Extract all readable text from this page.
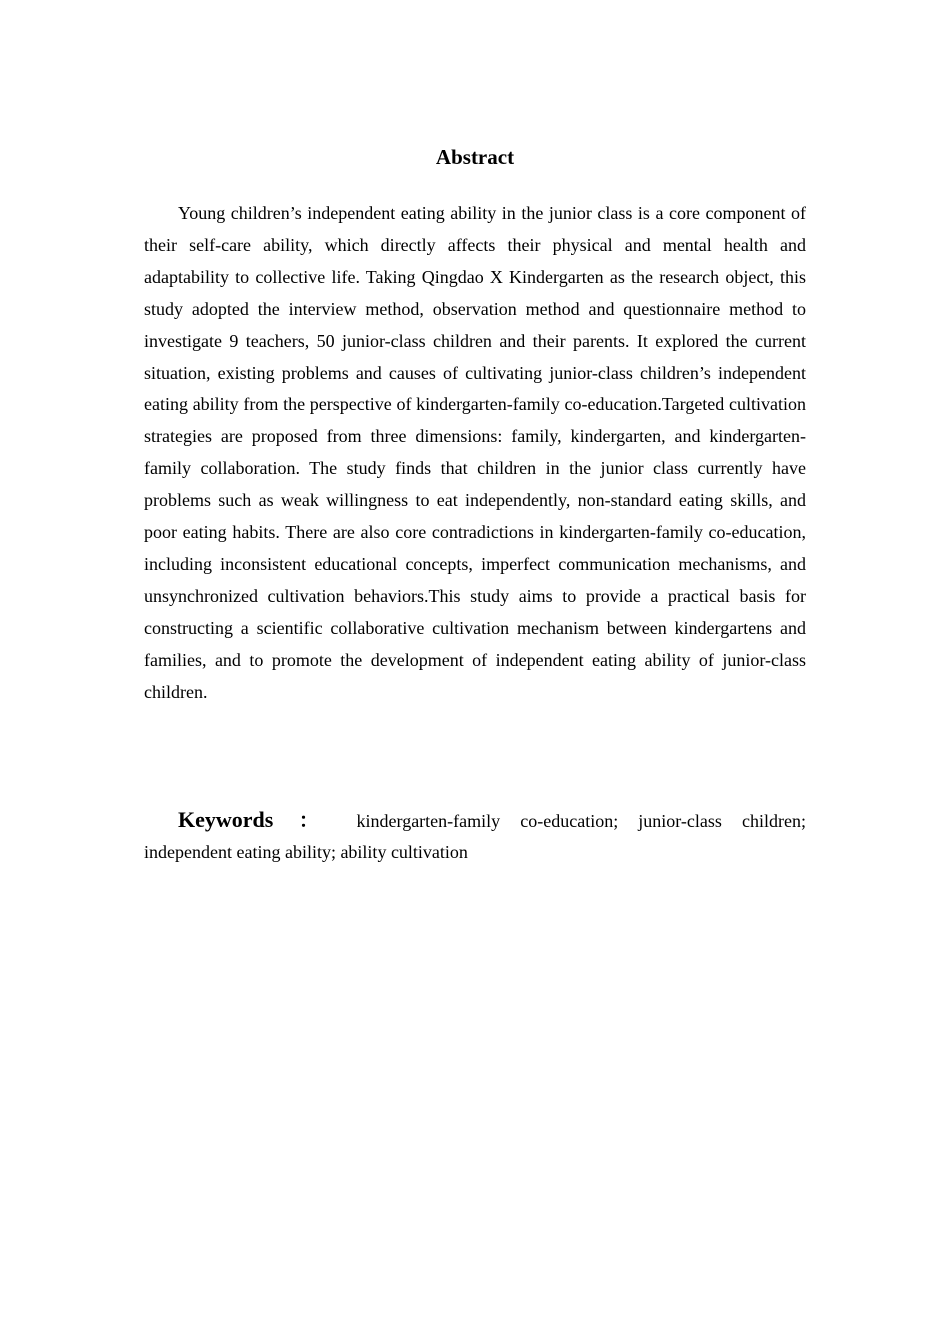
Abstract

Young children’s independent eating ability in the junior class is a core component of their self-care ability, which directly affects their physical and mental health and adaptability to collective life. Taking Qingdao X Kindergarten as the research object, this study adopted the interview method, observation method and questionnaire method to investigate 9 teachers, 50 junior-class children and their parents. It explored the current situation, existing problems and causes of cultivating junior-class children’s independent eating ability from the perspective of kindergarten-family co-education.Targeted cultivation strategies are proposed from three dimensions: family, kindergarten, and kindergarten-family collaboration. The study finds that children in the junior class currently have problems such as weak willingness to eat independently, non-standard eating skills, and poor eating habits. There are also core contradictions in kindergarten-family co-education, including inconsistent educational concepts, imperfect communication mechanisms, and unsynchronized cultivation behaviors.This study aims to provide a practical basis for constructing a scientific collaborative cultivation mechanism between kindergartens and families, and to promote the development of independent eating ability of junior-class children.

Keywords ： kindergarten-family co-education; junior-class children; independent eating ability; ability cultivation
